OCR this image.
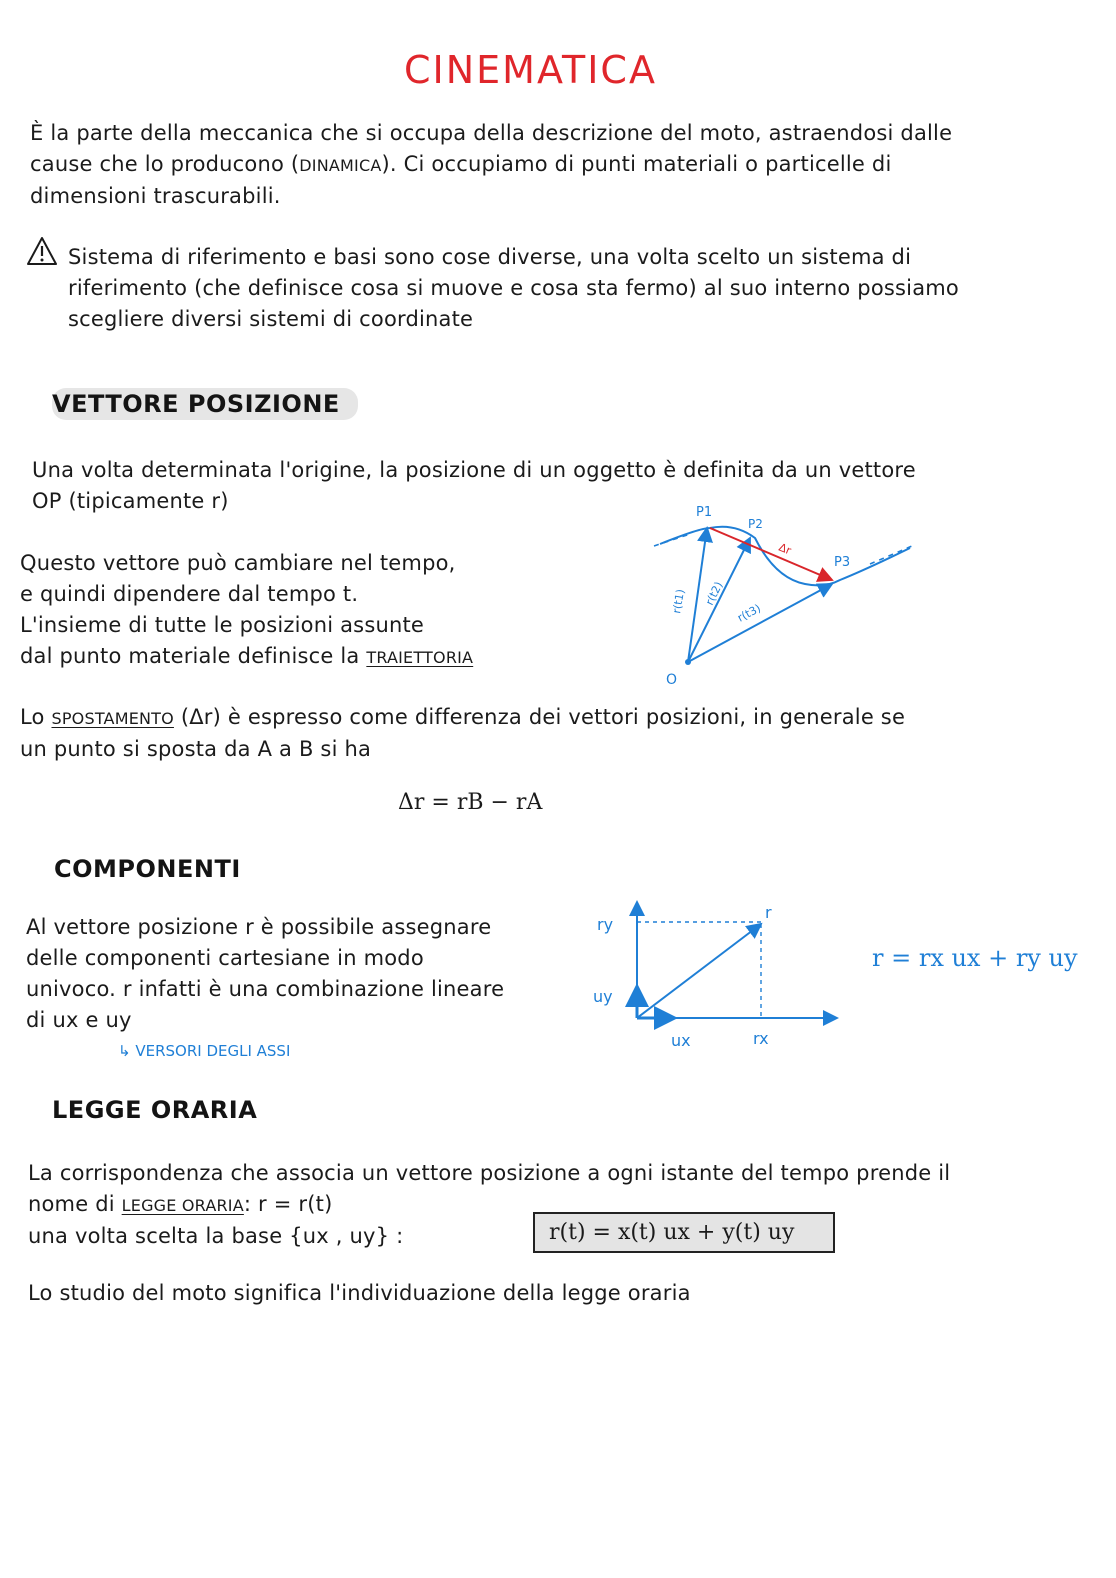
CINEMATICA
È la parte della meccanica che si occupa della descrizione del moto, astraendosi dalle
cause che lo producono (DINAMICA). Ci occupiamo di punti materiali o particelle di
dimensioni trascurabili.
Sistema di riferimento e basi sono cose diverse, una volta scelto un sistema di
riferimento (che definisce cosa si muove e cosa sta fermo) al suo interno possiamo
scegliere diversi sistemi di coordinate
VETTORE POSIZIONE
Una volta determinata l'origine, la posizione di un oggetto è definita da un vettore
OP (tipicamente r)
Questo vettore può cambiare nel tempo,
e quindi dipendere dal tempo t.
L'insieme di tutte le posizioni assunte
dal punto materiale definisce la TRAIETTORIA
P1
P2
P3
O
Δr
r(t1) r(t2)
r(t3)
Lo SPOSTAMENTO (Δr) è espresso come differenza dei vettori posizioni, in generale se
un punto si sposta da A a B si ha
Δr = rB − rA
COMPONENTI
Al vettore posizione r è possibile assegnare
delle componenti cartesiane in modo
univoco. r infatti è una combinazione lineare
di ux e uy
↳ VERSORI DEGLI ASSI
ry
r
uy
ux	rx
r = rx ux + ry uy
LEGGE ORARIA
La corrispondenza che associa un vettore posizione a ogni istante del tempo prende il
nome di LEGGE ORARIA: r = r(t)
una volta scelta la base {ux , uy} :	r(t) = x(t) ux + y(t) uy
Lo studio del moto significa l'individuazione della legge oraria
